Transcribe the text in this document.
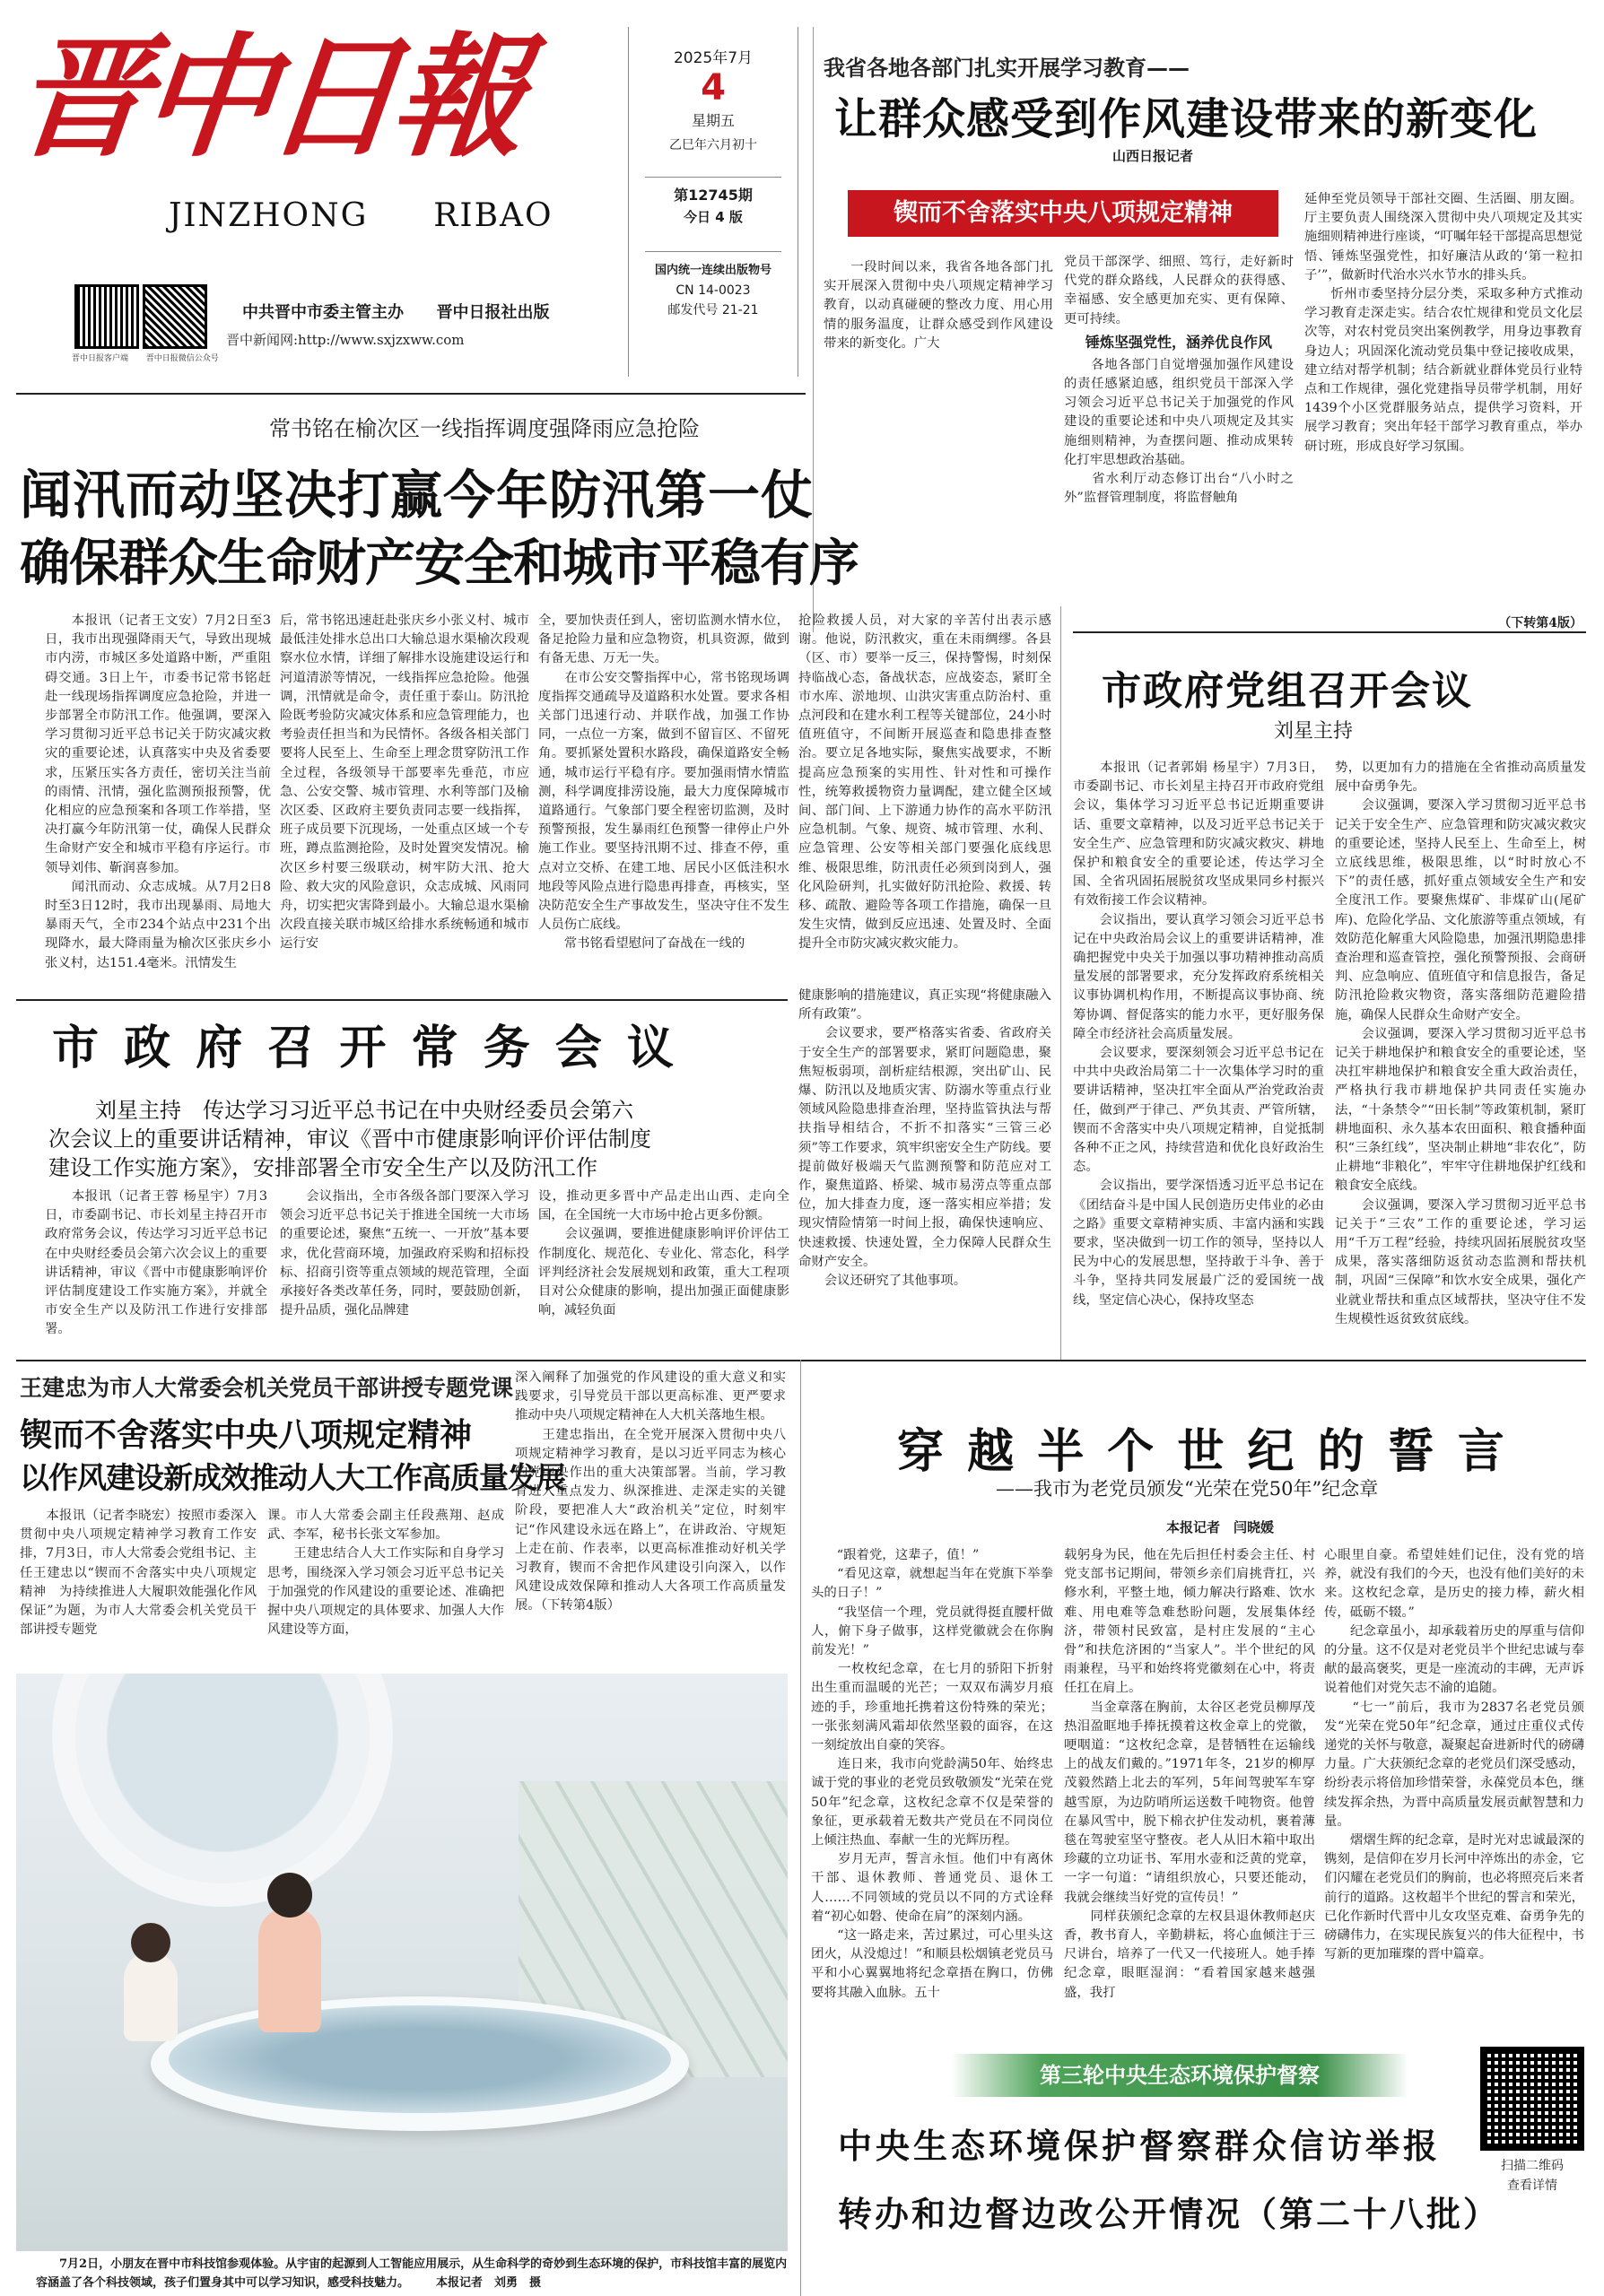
晋中日報
JINZHONG RIBAO
晋中日报客户端 晋中日报微信公众号
中共晋中市委主管主办 晋中日报社出版
晋中新闻网:http://www.sxjzxww.com
2025年7月
4
星期五
乙巳年六月初十
第12745期
今日 4 版
国内统一连续出版物号
CN 14-0023
邮发代号 21-21
我省各地各部门扎实开展学习教育——
让群众感受到作风建设带来的新变化
山西日报记者
锲而不舍落实中央八项规定精神
　　一段时间以来，我省各地各部门扎实开展深入贯彻中央八项规定精神学习教育，以动真碰硬的整改力度、用心用情的服务温度，让群众感受到作风建设带来的新变化。广大
党员干部深学、细照、笃行，走好新时代党的群众路线，人民群众的获得感、幸福感、安全感更加充实、更有保障、更可持续。
锤炼坚强党性，涵养优良作风
　　各地各部门自觉增强加强作风建设的责任感紧迫感，组织党员干部深入学习领会习近平总书记关于加强党的作风建设的重要论述和中央八项规定及其实施细则精神，为查摆问题、推动成果转化打牢思想政治基础。
　　省水利厅动态修订出台“八小时之外”监督管理制度，将监督触角
延伸至党员领导干部社交圈、生活圈、朋友圈。厅主要负责人围绕深入贯彻中央八项规定及其实施细则精神进行座谈，“叮嘱年轻干部提高思想觉悟、锤炼坚强党性，扣好廉洁从政的‘第一粒扣子’”，做新时代治水兴水节水的排头兵。
　　忻州市委坚持分层分类，采取多种方式推动学习教育走深走实。结合农忙规律和党员文化层次等，对农村党员突出案例教学，用身边事教育身边人；巩固深化流动党员集中登记接收成果，建立结对帮学机制；结合新就业群体党员行业特点和工作规律，强化党建指导员带学机制，用好1439个小区党群服务站点，提供学习资料，开展学习教育；突出年轻干部学习教育重点，举办研讨班，形成良好学习氛围。
（下转第4版）
常书铭在榆次区一线指挥调度强降雨应急抢险
闻汛而动坚决打赢今年防汛第一仗
确保群众生命财产安全和城市平稳有序
　　本报讯（记者王文安）7月2日至3日，我市出现强降雨天气，导致出现城市内涝，市城区多处道路中断，严重阻碍交通。3日上午，市委书记常书铭赶赴一线现场指挥调度应急抢险，并进一步部署全市防汛工作。他强调，要深入学习贯彻习近平总书记关于防灾减灾救灾的重要论述，认真落实中央及省委要求，压紧压实各方责任，密切关注当前的雨情、汛情，强化监测预报预警，优化相应的应急预案和各项工作举措，坚决打赢今年防汛第一仗，确保人民群众生命财产安全和城市平稳有序运行。市领导刘伟、靳润喜参加。
　　闻汛而动、众志成城。从7月2日8时至3日12时，我市出现暴雨、局地大暴雨天气，全市234个站点中231个出现降水，最大降雨量为榆次区张庆乡小张义村，达151.4毫米。汛情发生
后，常书铭迅速赶赴张庆乡小张义村、城市最低洼处排水总出口大输总退水渠榆次段观察水位水情，详细了解排水设施建设运行和河道清淤等情况，一线指挥应急抢险。他强调，汛情就是命令，责任重于泰山。防汛抢险既考验防灾减灾体系和应急管理能力，也考验责任担当和为民情怀。各级各相关部门要将人民至上、生命至上理念贯穿防汛工作全过程，各级领导干部要率先垂范，市应急、公安交警、城市管理、水利等部门及榆次区委、区政府主要负责同志要一线指挥，班子成员要下沉现场，一处重点区域一个专班，蹲点监测抢险，及时处置突发情况。榆次区乡村要三级联动，树牢防大汛、抢大险、救大灾的风险意识，众志成城、风雨同舟，切实把灾害降到最小。大输总退水渠榆次段直接关联市城区给排水系统畅通和城市运行安
全，要加快责任到人，密切监测水情水位，备足抢险力量和应急物资，机具资源，做到有备无患、万无一失。
　　在市公安交警指挥中心，常书铭现场调度指挥交通疏导及道路积水处置。要求各相关部门迅速行动、并联作战，加强工作协同，一点位一方案，做到不留盲区、不留死角。要抓紧处置积水路段，确保道路安全畅通，城市运行平稳有序。要加强雨情水情监测，科学调度排涝设施，最大力度保障城市道路通行。气象部门要全程密切监测，及时预警预报，发生暴雨红色预警一律停止户外施工作业。要坚持汛期不过、排查不停，重点对立交桥、在建工地、居民小区低洼积水地段等风险点进行隐患再排查，再核实，坚决防范安全生产事故发生，坚决守住不发生人员伤亡底线。
　　常书铭看望慰问了奋战在一线的
抢险救援人员，对大家的辛苦付出表示感谢。他说，防汛救灾，重在未雨绸缪。各县（区、市）要举一反三，保持警惕，时刻保持临战心态，备战状态，应战姿态，紧盯全市水库、淤地坝、山洪灾害重点防治村、重点河段和在建水利工程等关键部位，24小时值班值守，不间断开展巡查和隐患排查整治。要立足各地实际，聚焦实战要求，不断提高应急预案的实用性、针对性和可操作性，统筹救援物资力量调配，建立健全区域间、部门间、上下游通力协作的高水平防汛应急机制。气象、规资、城市管理、水利、应急管理、公安等相关部门要强化底线思维、极限思维，防汛责任必须到岗到人，强化风险研判，扎实做好防汛抢险、救援、转移、疏散、避险等各项工作措施，确保一旦发生灾情，做到反应迅速、处置及时、全面提升全市防灾减灾救灾能力。
市政府党组召开会议
刘星主持
　　本报讯（记者郭娟 杨星宇）7月3日，市委副书记、市长刘星主持召开市政府党组会议，集体学习习近平总书记近期重要讲话、重要文章精神，以及习近平总书记关于安全生产、应急管理和防灾减灾救灾、耕地保护和粮食安全的重要论述，传达学习全国、全省巩固拓展脱贫攻坚成果同乡村振兴有效衔接工作会议精神。
　　会议指出，要认真学习领会习近平总书记在中央政治局会议上的重要讲话精神，准确把握党中央关于加强以事功精神推动高质量发展的部署要求，充分发挥政府系统相关议事协调机构作用，不断提高议事协商、统筹协调、督促落实的能力水平，更好服务保障全市经济社会高质量发展。
　　会议要求，要深刻领会习近平总书记在中共中央政治局第二十一次集体学习时的重要讲话精神，坚决扛牢全面从严治党政治责任，做到严于律己、严负其责、严管所辖，锲而不舍落实中央八项规定精神，自觉抵制各种不正之风，持续营造和优化良好政治生态。
　　会议指出，要学深悟透习近平总书记在《团结奋斗是中国人民创造历史伟业的必由之路》重要文章精神实质、丰富内涵和实践要求，坚决做到一切工作的领导，坚持以人民为中心的发展思想，坚持敢于斗争、善于斗争，坚持共同发展最广泛的爱国统一战线，坚定信心决心，保持攻坚态
势，以更加有力的措施在全省推动高质量发展中奋勇争先。
　　会议强调，要深入学习贯彻习近平总书记关于安全生产、应急管理和防灾减灾救灾的重要论述，坚持人民至上、生命至上，树立底线思维，极限思维，以“时时放心不下”的责任感，抓好重点领域安全生产和安全度汛工作。要聚焦煤矿、非煤矿山(尾矿库)、危险化学品、文化旅游等重点领域，有效防范化解重大风险隐患，加强汛期隐患排查治理和巡查管控，强化预警预报、会商研判、应急响应、值班值守和信息报告，备足防汛抢险救灾物资，落实落细防范避险措施，确保人民群众生命财产安全。
　　会议强调，要深入学习贯彻习近平总书记关于耕地保护和粮食安全的重要论述，坚决扛牢耕地保护和粮食安全重大政治责任，严格执行我市耕地保护共同责任实施办法，“十条禁令”“田长制”等政策机制，紧盯耕地面积、永久基本农田面积、粮食播种面积“三条红线”，坚决制止耕地“非农化”，防止耕地“非粮化”，牢牢守住耕地保护红线和粮食安全底线。
　　会议强调，要深入学习贯彻习近平总书记关于“三农”工作的重要论述，学习运用“千万工程”经验，持续巩固拓展脱贫攻坚成果，落实落细防返贫动态监测和帮扶机制，巩固“三保障”和饮水安全成果，强化产业就业帮扶和重点区域帮扶，坚决守住不发生规模性返贫致贫底线。
市 政 府 召 开 常 务 会 议
刘星主持　传达学习习近平总书记在中央财经委员会第六
次会议上的重要讲话精神，审议《晋中市健康影响评价评估制度
建设工作实施方案》，安排部署全市安全生产以及防汛工作
　　本报讯（记者王蓉 杨星宇）7月3日，市委副书记、市长刘星主持召开市政府常务会议，传达学习习近平总书记在中央财经委员会第六次会议上的重要讲话精神，审议《晋中市健康影响评价评估制度建设工作实施方案》，并就全市安全生产以及防汛工作进行安排部署。
　　会议指出，全市各级各部门要深入学习领会习近平总书记关于推进全国统一大市场的重要论述，聚焦“五统一、一开放”基本要求，优化营商环境，加强政府采购和招标投标、招商引资等重点领域的规范管理，全面承接好各类改革任务，同时，要鼓励创新，提升品质，强化品牌建
设，推动更多晋中产品走出山西、走向全国，在全国统一大市场中抢占更多份额。
　　会议强调，要推进健康影响评价评估工作制度化、规范化、专业化、常态化，科学评判经济社会发展规划和政策，重大工程项目对公众健康的影响，提出加强正面健康影响，减轻负面
健康影响的措施建议，真正实现“将健康融入所有政策”。
　　会议要求，要严格落实省委、省政府关于安全生产的部署要求，紧盯问题隐患，聚焦短板弱项，剖析症结根源，突出矿山、民爆、防汛以及地质灾害、防溺水等重点行业领域风险隐患排查治理，坚持监管执法与帮扶指导相结合，不折不扣落实“三管三必须”等工作要求，筑牢织密安全生产防线。要提前做好极端天气监测预警和防范应对工作，聚焦道路、桥梁、城市易涝点等重点部位，加大排查力度，逐一落实相应举措；发现灾情险情第一时间上报，确保快速响应、快速救援、快速处置，全力保障人民群众生命财产安全。
　　会议还研究了其他事项。
王建忠为市人大常委会机关党员干部讲授专题党课
锲而不舍落实中央八项规定精神
以作风建设新成效推动人大工作高质量发展
　　本报讯（记者李晓宏）按照市委深入贯彻中央八项规定精神学习教育工作安排，7月3日，市人大常委会党组书记、主任王建忠以“锲而不舍落实中央八项规定精神　为持续推进人大履职效能强化作风保证”为题，为市人大常委会机关党员干部讲授专题党
课。市人大常委会副主任段燕翔、赵成武、李军，秘书长张文军参加。
　　王建忠结合人大工作实际和自身学习思考，围绕深入学习领会习近平总书记关于加强党的作风建设的重要论述、准确把握中央八项规定的具体要求、加强人大作风建设等方面，
深入阐释了加强党的作风建设的重大意义和实践要求，引导党员干部以更高标准、更严要求推动中央八项规定精神在人大机关落地生根。
　　王建忠指出，在全党开展深入贯彻中央八项规定精神学习教育，是以习近平同志为核心的党中央作出的重大决策部署。当前，学习教育进入重点发力、纵深推进、走深走实的关键阶段，要把准人大“政治机关”定位，时刻牢记“作风建设永远在路上”，在讲政治、守规矩上走在前、作表率，以更高标准推动好机关学习教育，锲而不舍把作风建设引向深入，以作风建设成效保障和推动人大各项工作高质量发展。（下转第4版）
　　7月2日，小朋友在晋中市科技馆参观体验。从宇宙的起源到人工智能应用展示，从生命科学的奇妙到生态环境的保护，市科技馆丰富的展览内容涵盖了各个科技领域，孩子们置身其中可以学习知识，感受科技魅力。 本报记者　刘勇　摄
穿 越 半 个 世 纪 的 誓 言
——我市为老党员颁发“光荣在党50年”纪念章
本报记者　闫晓媛
　　“跟着党，这辈子，值！”
　　“看见这章，就想起当年在党旗下举拳头的日子！”
　　“我坚信一个理，党员就得挺直腰杆做人，俯下身子做事，这样党徽就会在你胸前发光！”
　　一枚枚纪念章，在七月的骄阳下折射出生重而温暖的光芒；一双双布满岁月痕迹的手，珍重地托携着这份特殊的荣光；一张张刻满风霜却依然坚毅的面容，在这一刻绽放出自豪的笑容。
　　连日来，我市向党龄满50年、始终忠诚于党的事业的老党员致敬颁发“光荣在党50年”纪念章，这枚纪念章不仅是荣誉的象征，更承载着无数共产党员在不同岗位上倾注热血、奉献一生的光辉历程。
　　岁月无声，誓言永恒。他们中有离休干部、退休教师、普通党员、退休工人……不同领域的党员以不同的方式诠释着“初心如磐、使命在肩”的深刻内涵。
　　“这一路走来，苦过累过，可心里头这团火，从没熄过！”和顺县松烟镇老党员马平和小心翼翼地将纪念章捂在胸口，仿佛要将其融入血脉。五十
载躬身为民，他在先后担任村委会主任、村党支部书记期间，带领乡亲们肩挑背扛，兴修水利，平整土地，倾力解决行路难、饮水难、用电难等急难愁盼问题，发展集体经济，带领村民致富，是村庄发展的“主心骨”和扶危济困的“当家人”。半个世纪的风雨兼程，马平和始终将党徽刻在心中，将责任扛在肩上。
　　当金章落在胸前，太谷区老党员柳厚茂热泪盈眶地手捧抚摸着这枚金章上的党徽，哽咽道：“这枚纪念章，是替牺牲在运输线上的战友们戴的。”1971年冬，21岁的柳厚茂毅然踏上北去的军列，5年间驾驶军车穿越雪原，为边防哨所运送数千吨物资。他曾在暴风雪中，脱下棉衣护住发动机，裹着薄毯在驾驶室坚守整夜。老人从旧木箱中取出珍藏的立功证书、军用水壶和泛黄的党章，一字一句道：“请组织放心，只要还能动，我就会继续当好党的宣传员！”
　　同样获颁纪念章的左权县退休教师赵庆香，教书育人，辛勤耕耘，将心血倾注于三尺讲台，培养了一代又一代接班人。她手捧纪念章，眼眶湿润：“看着国家越来越强盛，我打
心眼里自豪。希望娃娃们记住，没有党的培养，就没有我们的今天，也没有他们美好的未来。这枚纪念章，是历史的接力棒，薪火相传，砥砺不辍。”
　　纪念章虽小，却承载着历史的厚重与信仰的分量。这不仅是对老党员半个世纪忠诚与奉献的最高褒奖，更是一座流动的丰碑，无声诉说着他们对党矢志不渝的追随。
　　“七一”前后，我市为2837名老党员颁发“光荣在党50年”纪念章，通过庄重仪式传递党的关怀与敬意，凝聚起奋进新时代的磅礴力量。广大获颁纪念章的老党员们深受感动，纷纷表示将倍加珍惜荣誉，永葆党员本色，继续发挥余热，为晋中高质量发展贡献智慧和力量。
　　熠熠生辉的纪念章，是时光对忠诚最深的镌刻，是信仰在岁月长河中淬炼出的赤金，它们闪耀在老党员们的胸前，也必将照亮后来者前行的道路。这枚超半个世纪的誓言和荣光，已化作新时代晋中儿女攻坚克难、奋勇争先的磅礴伟力，在实现民族复兴的伟大征程中，书写新的更加璀璨的晋中篇章。
第三轮中央生态环境保护督察
中央生态环境保护督察群众信访举报
转办和边督边改公开情况（第二十八批）
扫描二维码
查看详情
